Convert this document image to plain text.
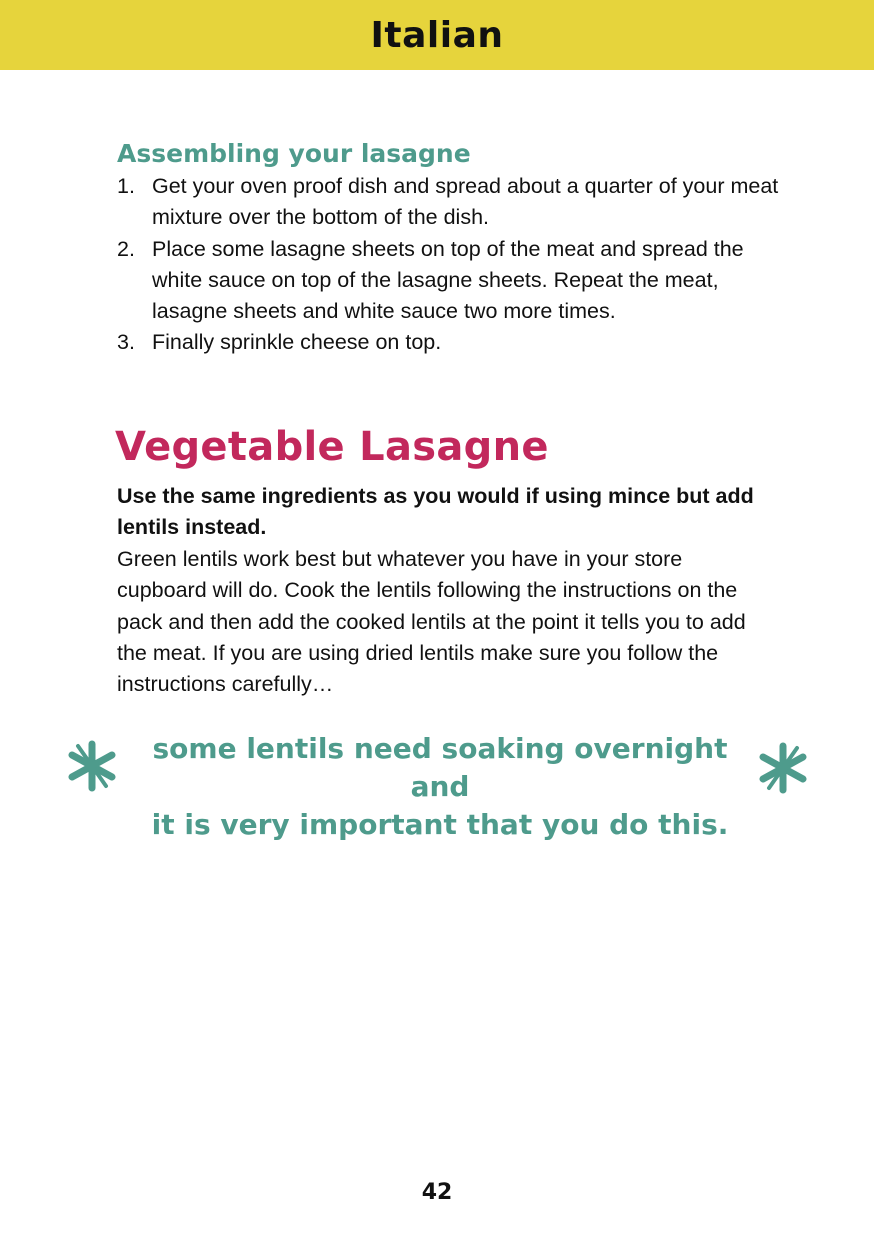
Italian
Assembling your lasagne
1. Get your oven proof dish and spread about a quarter of your meat mixture over the bottom of the dish.
2. Place some lasagne sheets on top of the meat and spread the white sauce on top of the lasagne sheets. Repeat the meat, lasagne sheets and white sauce two more times.
3. Finally sprinkle cheese on top.
Vegetable Lasagne
Use the same ingredients as you would if using mince but add lentils instead.
Green lentils work best but whatever you have in your store cupboard will do. Cook the lentils following the instructions on the pack and then add the cooked lentils at the point it tells you to add the meat. If you are using dried lentils make sure you follow the instructions carefully…
some lentils need soaking overnight and
it is very important that you do this.
42
